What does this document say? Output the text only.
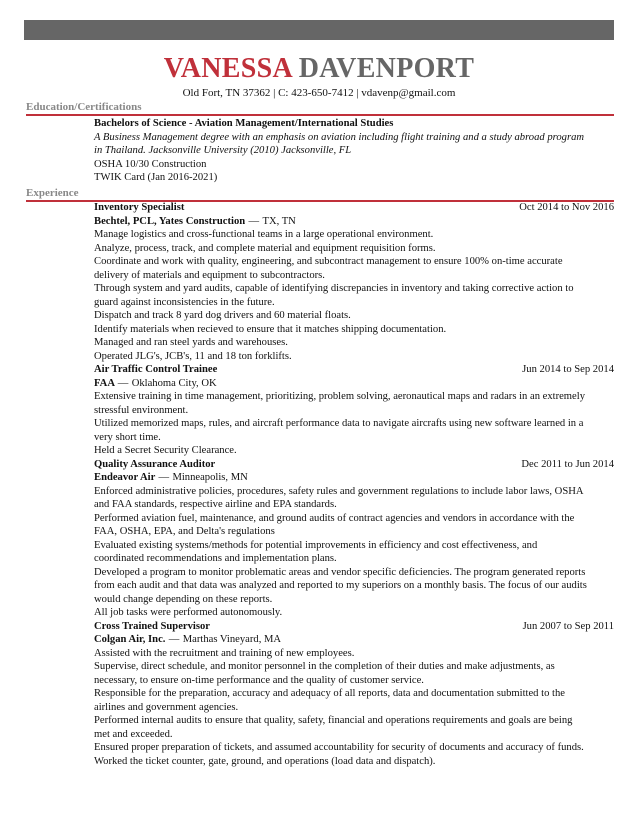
VANESSA DAVENPORT
Old Fort, TN 37362 | C: 423-650-7412 | vdavenp@gmail.com
Education/Certifications
Bachelors of Science - Aviation Management/International Studies
A Business Management degree with an emphasis on aviation including flight training and a study abroad program
in Thailand. Jacksonville University (2010) Jacksonville, FL
OSHA 10/30 Construction
TWIK Card (Jan 2016-2021)
Experience
Inventory Specialist	Oct 2014 to Nov 2016
Bechtel, PCL, Yates Construction — TX, TN
Manage logistics and cross-functional teams in a large operational environment.
Analyze, process, track, and complete material and equipment requisition forms.
Coordinate and work with quality, engineering, and subcontract management to ensure 100% on-time accurate
delivery of materials and equipment to subcontractors.
Through system and yard audits, capable of identifying discrepancies in inventory and taking corrective action to
guard against inconsistencies in the future.
Dispatch and track 8 yard dog drivers and 60 material floats.
Identify materials when recieved to ensure that it matches shipping documentation.
Managed and ran steel yards and warehouses.
Operated JLG's, JCB's, 11 and 18 ton forklifts.
Air Traffic Control Trainee	Jun 2014 to Sep 2014
FAA — Oklahoma City, OK
Extensive training in time management, prioritizing, problem solving, aeronautical maps and radars in an extremely
stressful environment.
Utilized memorized maps, rules, and aircraft performance data to navigate aircrafts using new software learned in a
very short time.
Held a Secret Security Clearance.
Quality Assurance Auditor	Dec 2011 to Jun 2014
Endeavor Air — Minneapolis, MN
Enforced administrative policies, procedures, safety rules and government regulations to include labor laws, OSHA
and FAA standards, respective airline and EPA standards.
Performed aviation fuel, maintenance, and ground audits of contract agencies and vendors in accordance with the
FAA, OSHA, EPA, and Delta's regulations
Evaluated existing systems/methods for potential improvements in efficiency and cost effectiveness, and
coordinated recommendations and implementation plans.
Developed a program to monitor problematic areas and vendor specific deficiencies. The program generated reports
from each audit and that data was analyzed and reported to my superiors on a monthly basis. The focus of our audits
would change depending on these reports.
All job tasks were performed autonomously.
Cross Trained Supervisor	Jun 2007 to Sep 2011
Colgan Air, Inc. — Marthas Vineyard, MA
Assisted with the recruitment and training of new employees.
Supervise, direct schedule, and monitor personnel in the completion of their duties and make adjustments, as
necessary, to ensure on-time performance and the quality of customer service.
Responsible for the preparation, accuracy and adequacy of all reports, data and documentation submitted to the
airlines and government agencies.
Performed internal audits to ensure that quality, safety, financial and operations requirements and goals are being
met and exceeded.
Ensured proper preparation of tickets, and assumed accountability for security of documents and accuracy of funds.
Worked the ticket counter, gate, ground, and operations (load data and dispatch).
